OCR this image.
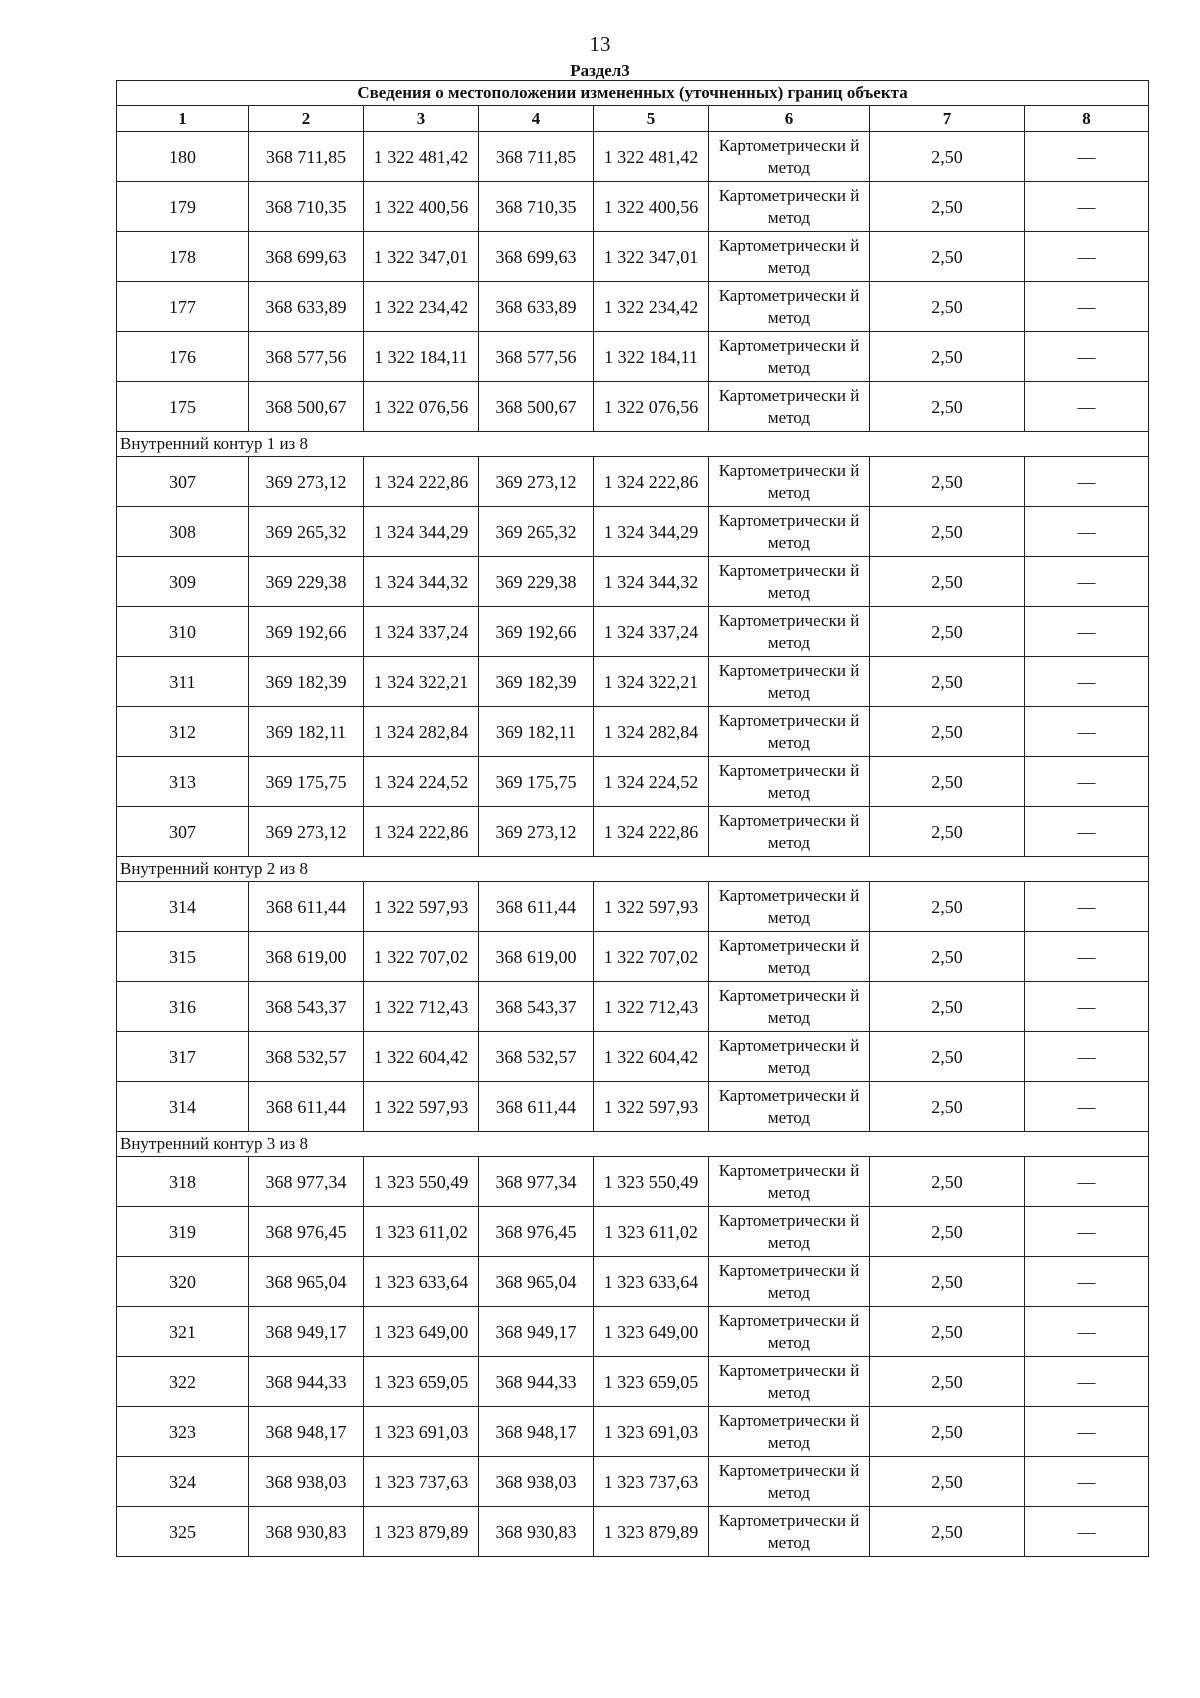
13
Раздел3
Сведения о местоположении измененных (уточненных) границ объекта							
1	2	3	4	5	6	7	8
180	368 711,85	1 322 481,42	368 711,85	1 322 481,42	Картометрически й метод	2,50	—
179	368 710,35	1 322 400,56	368 710,35	1 322 400,56	Картометрически й метод	2,50	—
178	368 699,63	1 322 347,01	368 699,63	1 322 347,01	Картометрически й метод	2,50	—
177	368 633,89	1 322 234,42	368 633,89	1 322 234,42	Картометрически й метод	2,50	—
176	368 577,56	1 322 184,11	368 577,56	1 322 184,11	Картометрически й метод	2,50	—
175	368 500,67	1 322 076,56	368 500,67	1 322 076,56	Картометрически й метод	2,50	—
Внутренний контур 1 из 8							
307	369 273,12	1 324 222,86	369 273,12	1 324 222,86	Картометрически й метод	2,50	—
308	369 265,32	1 324 344,29	369 265,32	1 324 344,29	Картометрически й метод	2,50	—
309	369 229,38	1 324 344,32	369 229,38	1 324 344,32	Картометрически й метод	2,50	—
310	369 192,66	1 324 337,24	369 192,66	1 324 337,24	Картометрически й метод	2,50	—
311	369 182,39	1 324 322,21	369 182,39	1 324 322,21	Картометрически й метод	2,50	—
312	369 182,11	1 324 282,84	369 182,11	1 324 282,84	Картометрически й метод	2,50	—
313	369 175,75	1 324 224,52	369 175,75	1 324 224,52	Картометрически й метод	2,50	—
307	369 273,12	1 324 222,86	369 273,12	1 324 222,86	Картометрически й метод	2,50	—
Внутренний контур 2 из 8							
314	368 611,44	1 322 597,93	368 611,44	1 322 597,93	Картометрически й метод	2,50	—
315	368 619,00	1 322 707,02	368 619,00	1 322 707,02	Картометрически й метод	2,50	—
316	368 543,37	1 322 712,43	368 543,37	1 322 712,43	Картометрически й метод	2,50	—
317	368 532,57	1 322 604,42	368 532,57	1 322 604,42	Картометрически й метод	2,50	—
314	368 611,44	1 322 597,93	368 611,44	1 322 597,93	Картометрически й метод	2,50	—
Внутренний контур 3 из 8							
318	368 977,34	1 323 550,49	368 977,34	1 323 550,49	Картометрически й метод	2,50	—
319	368 976,45	1 323 611,02	368 976,45	1 323 611,02	Картометрически й метод	2,50	—
320	368 965,04	1 323 633,64	368 965,04	1 323 633,64	Картометрически й метод	2,50	—
321	368 949,17	1 323 649,00	368 949,17	1 323 649,00	Картометрически й метод	2,50	—
322	368 944,33	1 323 659,05	368 944,33	1 323 659,05	Картометрически й метод	2,50	—
323	368 948,17	1 323 691,03	368 948,17	1 323 691,03	Картометрически й метод	2,50	—
324	368 938,03	1 323 737,63	368 938,03	1 323 737,63	Картометрически й метод	2,50	—
325	368 930,83	1 323 879,89	368 930,83	1 323 879,89	Картометрически й метод	2,50	—
